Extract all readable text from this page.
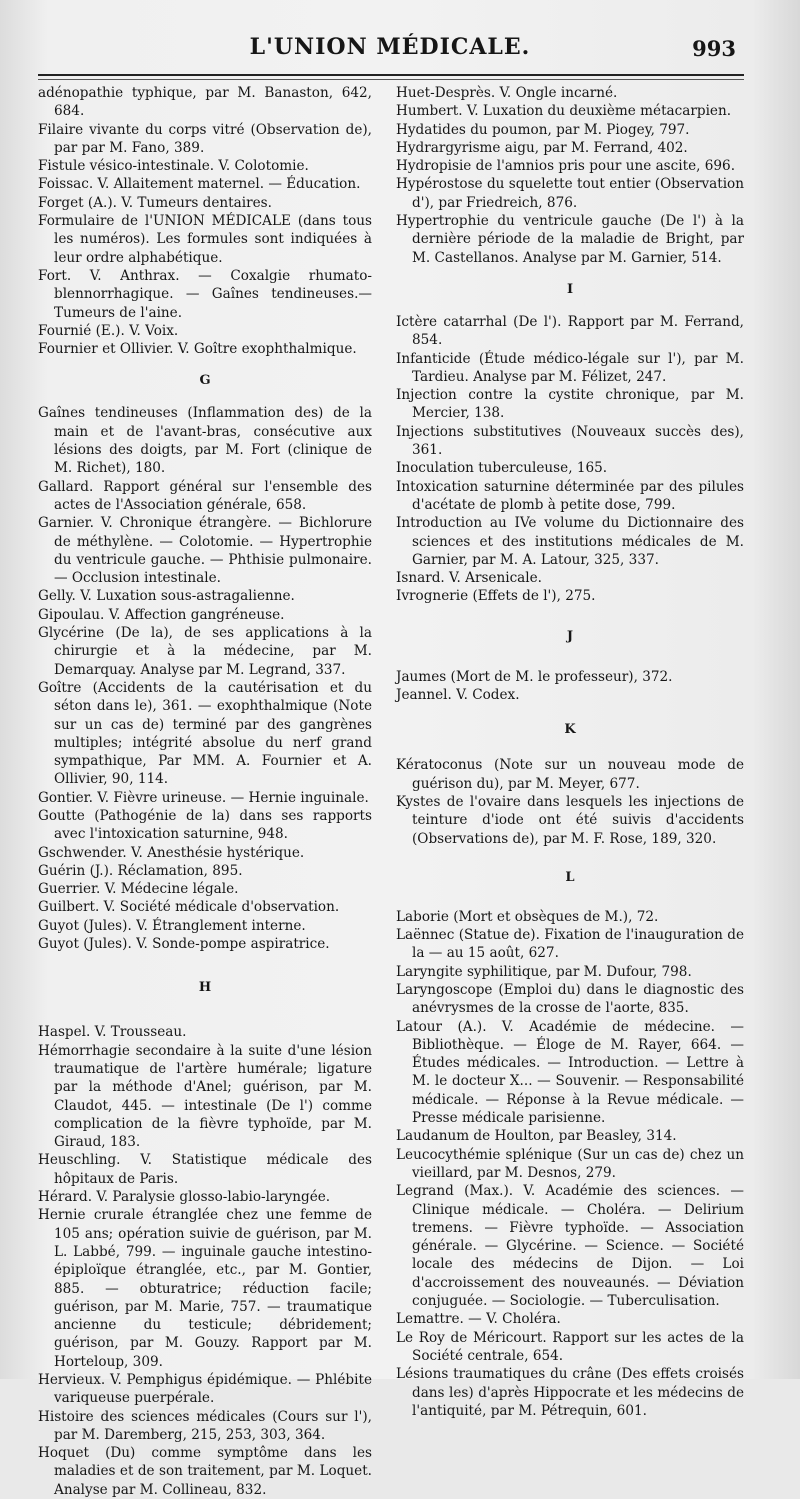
L'UNION MÉDICALE.	993

adénopathie typhique, par M. Banaston, 642, 684.

Filaire vivante du corps vitré (Observation de), par par M. Fano, 389.

Fistule vésico-intestinale. V. Colotomie.

Foissac. V. Allaitement maternel. — Éducation.

Forget (A.). V. Tumeurs dentaires.

Formulaire de l'UNION MÉDICALE (dans tous les numéros). Les formules sont indiquées à leur ordre alphabétique.

Fort. V. Anthrax. — Coxalgie rhumato-blennorrhagique. — Gaînes tendineuses.— Tumeurs de l'aine.

Fournié (E.). V. Voix.

Fournier et Ollivier. V. Goître exophthalmique.

G

Gaînes tendineuses (Inflammation des) de la main et de l'avant-bras, consécutive aux lésions des doigts, par M. Fort (clinique de M. Richet), 180.

Gallard. Rapport général sur l'ensemble des actes de l'Association générale, 658.

Garnier. V. Chronique étrangère. — Bichlorure de méthylène. — Colotomie. — Hypertrophie du ventricule gauche. — Phthisie pulmonaire.— Occlusion intestinale.

Gelly. V. Luxation sous-astragalienne.

Gipoulau. V. Affection gangréneuse.

Glycérine (De la), de ses applications à la chirurgie et à la médecine, par M. Demarquay. Analyse par M. Legrand, 337.

Goître (Accidents de la cautérisation et du séton dans le), 361. — exophthalmique (Note sur un cas de) terminé par des gangrènes multiples; intégrité absolue du nerf grand sympathique, Par MM. A. Fournier et A. Ollivier, 90, 114.

Gontier. V. Fièvre urineuse. — Hernie inguinale.

Goutte (Pathogénie de la) dans ses rapports avec l'intoxication saturnine, 948.

Gschwender. V. Anesthésie hystérique.

Guérin (J.). Réclamation, 895.

Guerrier. V. Médecine légale.

Guilbert. V. Société médicale d'observation.

Guyot (Jules). V. Étranglement interne.

Guyot (Jules). V. Sonde-pompe aspiratrice.

H

Haspel. V. Trousseau.

Hémorrhagie secondaire à la suite d'une lésion traumatique de l'artère humérale; ligature par la méthode d'Anel; guérison, par M. Claudot, 445. — intestinale (De l') comme complication de la fièvre typhoïde, par M. Giraud, 183.

Heuschling. V. Statistique médicale des hôpitaux de Paris.

Hérard. V. Paralysie glosso-labio-laryngée.

Hernie crurale étranglée chez une femme de 105 ans; opération suivie de guérison, par M. L. Labbé, 799. — inguinale gauche intestino-épiploïque étranglée, etc., par M. Gontier, 885. — obturatrice; réduction facile; guérison, par M. Marie, 757. — traumatique ancienne du testicule; débridement; guérison, par M. Gouzy. Rapport par M. Horteloup, 309.

Hervieux. V. Pemphigus épidémique. — Phlébite variqueuse puerpérale.

Histoire des sciences médicales (Cours sur l'), par M. Daremberg, 215, 253, 303, 364.

Hoquet (Du) comme symptôme dans les maladies et de son traitement, par M. Loquet. Analyse par M. Collineau, 832.

Huet-Desprès. V. Ongle incarné.

Humbert. V. Luxation du deuxième métacarpien.

Hydatides du poumon, par M. Piogey, 797.

Hydrargyrisme aigu, par M. Ferrand, 402.

Hydropisie de l'amnios pris pour une ascite, 696.

Hypérostose du squelette tout entier (Observation d'), par Friedreich, 876.

Hypertrophie du ventricule gauche (De l') à la dernière période de la maladie de Bright, par M. Castellanos. Analyse par M. Garnier, 514.

I

Ictère catarrhal (De l'). Rapport par M. Ferrand, 854.

Infanticide (Étude médico-légale sur l'), par M. Tardieu. Analyse par M. Félizet, 247.

Injection contre la cystite chronique, par M. Mercier, 138.

Injections substitutives (Nouveaux succès des), 361.

Inoculation tuberculeuse, 165.

Intoxication saturnine déterminée par des pilules d'acétate de plomb à petite dose, 799.

Introduction au IVe volume du Dictionnaire des sciences et des institutions médicales de M. Garnier, par M. A. Latour, 325, 337.

Isnard. V. Arsenicale.

Ivrognerie (Effets de l'), 275.

J

Jaumes (Mort de M. le professeur), 372.

Jeannel. V. Codex.

K

Kératoconus (Note sur un nouveau mode de guérison du), par M. Meyer, 677.

Kystes de l'ovaire dans lesquels les injections de teinture d'iode ont été suivis d'accidents (Observations de), par M. F. Rose, 189, 320.

L

Laborie (Mort et obsèques de M.), 72.

Laënnec (Statue de). Fixation de l'inauguration de la — au 15 août, 627.

Laryngite syphilitique, par M. Dufour, 798.

Laryngoscope (Emploi du) dans le diagnostic des anévrysmes de la crosse de l'aorte, 835.

Latour (A.). V. Académie de médecine. — Bibliothèque. — Éloge de M. Rayer, 664. — Études médicales. — Introduction. — Lettre à M. le docteur X... — Souvenir. — Responsabilité médicale. — Réponse à la Revue médicale. — Presse médicale parisienne.

Laudanum de Houlton, par Beasley, 314.

Leucocythémie splénique (Sur un cas de) chez un vieillard, par M. Desnos, 279.

Legrand (Max.). V. Académie des sciences. — Clinique médicale. — Choléra. — Delirium tremens. — Fièvre typhoïde. — Association générale. — Glycérine. — Science. — Société locale des médecins de Dijon. — Loi d'accroissement des nouveaunés. — Déviation conjuguée. — Sociologie. — Tuberculisation.

Lemattre. — V. Choléra.

Le Roy de Méricourt. Rapport sur les actes de la Société centrale, 654.

Lésions traumatiques du crâne (Des effets croisés dans les) d'après Hippocrate et les médecins de l'antiquité, par M. Pétrequin, 601.
